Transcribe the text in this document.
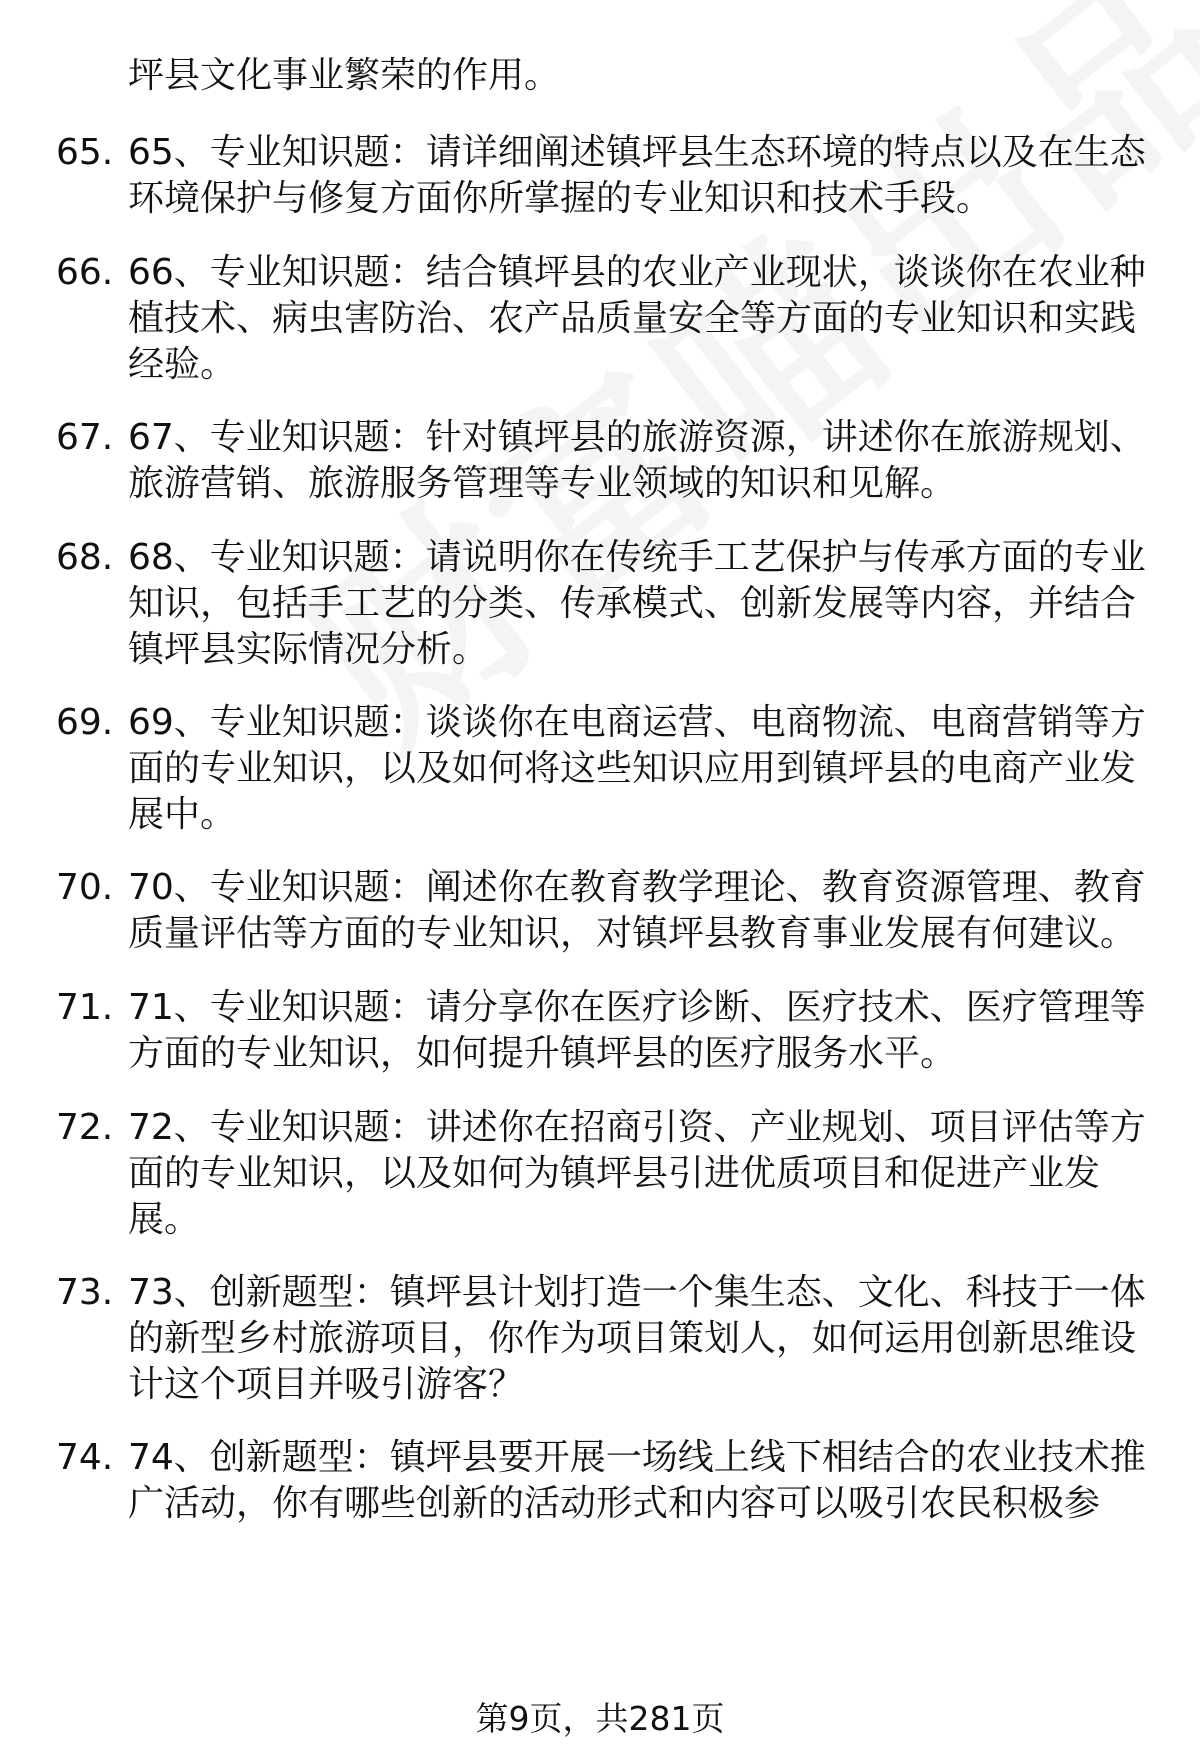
坪县文化事业繁荣的作用。
65. 65、专业知识题：请详细阐述镇坪县生态环境的特点以及在生态
环境保护与修复方面你所掌握的专业知识和技术手段。
66. 66、专业知识题：结合镇坪县的农业产业现状，谈谈你在农业种
植技术、病虫害防治、农产品质量安全等方面的专业知识和实践
经验。
67. 67、专业知识题：针对镇坪县的旅游资源，讲述你在旅游规划、
旅游营销、旅游服务管理等专业领域的知识和见解。
68. 68、专业知识题：请说明你在传统手工艺保护与传承方面的专业
知识，包括手工艺的分类、传承模式、创新发展等内容，并结合
镇坪县实际情况分析。
69. 69、专业知识题：谈谈你在电商运营、电商物流、电商营销等方
面的专业知识，以及如何将这些知识应用到镇坪县的电商产业发
展中。
70. 70、专业知识题：阐述你在教育教学理论、教育资源管理、教育
质量评估等方面的专业知识，对镇坪县教育事业发展有何建议。
71. 71、专业知识题：请分享你在医疗诊断、医疗技术、医疗管理等
方面的专业知识，如何提升镇坪县的医疗服务水平。
72. 72、专业知识题：讲述你在招商引资、产业规划、项目评估等方
面的专业知识，以及如何为镇坪县引进优质项目和促进产业发
展。
73. 73、创新题型：镇坪县计划打造一个集生态、文化、科技于一体
的新型乡村旅游项目，你作为项目策划人，如何运用创新思维设
计这个项目并吸引游客？
74. 74、创新题型：镇坪县要开展一场线上线下相结合的农业技术推
广活动，你有哪些创新的活动形式和内容可以吸引农民积极参
第9页，共281页
